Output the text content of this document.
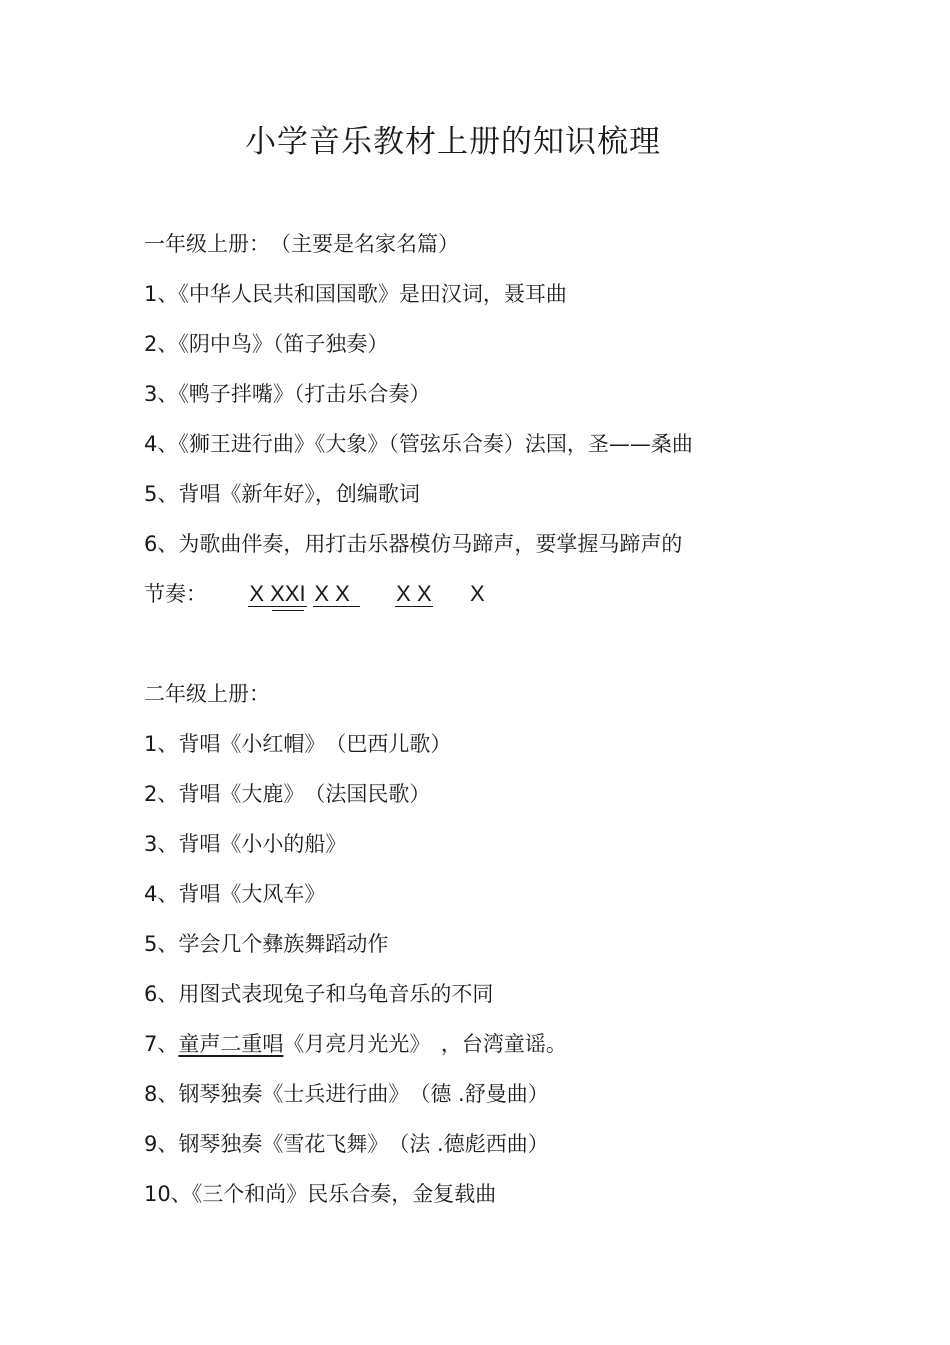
小学音乐教材上册的知识梳理
一年级上册：　（主要是名家名篇）
1、《中华人民共和国国歌》是田汉词，聂耳曲
2、《阴中鸟》（笛子独奏）
3、《鸭子拌嘴》（打击乐合奏）
4、《狮王进行曲》《大象》（管弦乐合奏）法国，圣——桑曲
5、背唱《新年好》，创编歌词
6、为歌曲伴奏，用打击乐器模仿马蹄声，要掌握马蹄声的
节奏： X XXI X X X X X
二年级上册：
1、背唱《小红帽》　（巴西儿歌）
2、背唱《大鹿》　（法国民歌）
3、背唱《小小的船》
4、背唱《大风车》
5、学会几个彝族舞蹈动作
6、用图式表现兔子和乌龟音乐的不同
7、童声二重唱《月亮月光光》　，台湾童谣。
8、钢琴独奏《士兵进行曲》　（德 .舒曼曲）
9、钢琴独奏《雪花飞舞》　（法 .德彪西曲）
10、《三个和尚》民乐合奏，金复载曲
